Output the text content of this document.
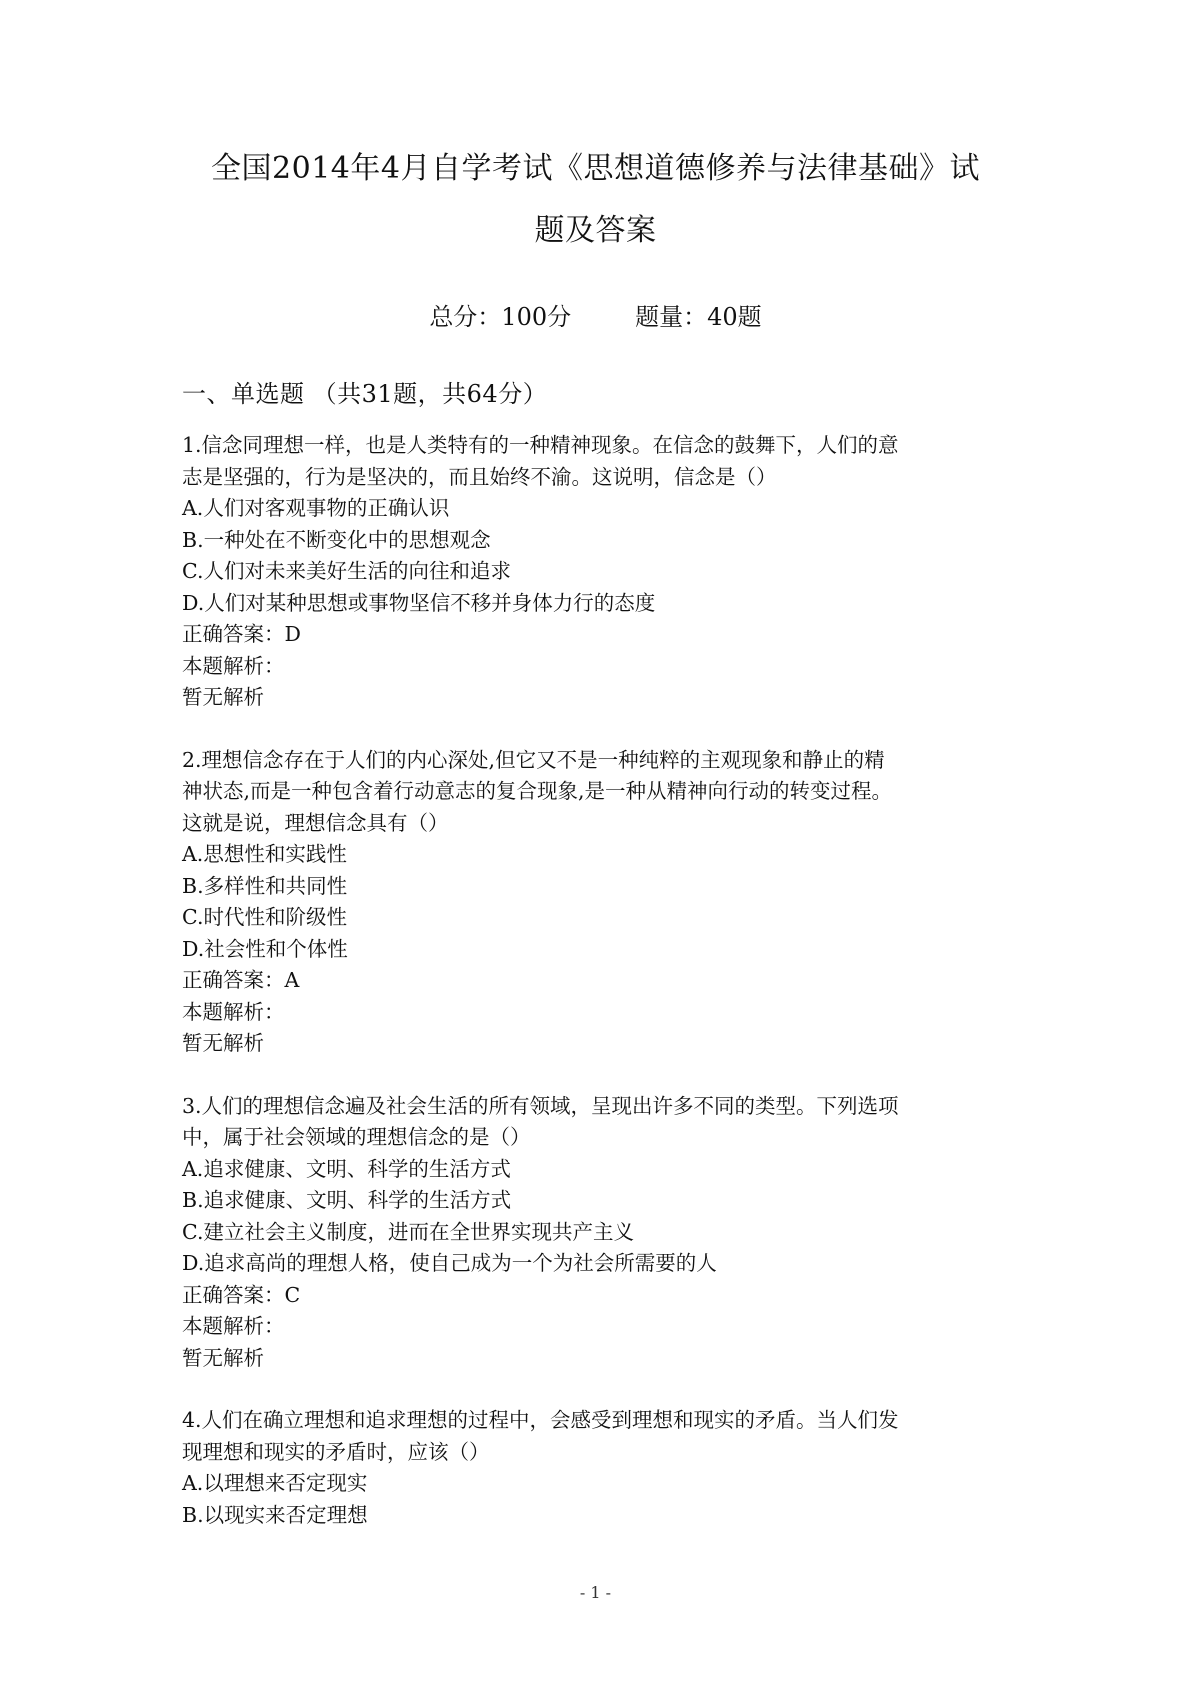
全国2014年4月自学考试《思想道德修养与法律基础》试
题及答案
总分：100分	题量：40题
一、单选题 （共31题，共64分）
1.信念同理想一样，也是人类特有的一种精神现象。在信念的鼓舞下，人们的意
志是坚强的，行为是坚决的，而且始终不渝。这说明，信念是（）
A.人们对客观事物的正确认识
B.一种处在不断变化中的思想观念
C.人们对未来美好生活的向往和追求
D.人们对某种思想或事物坚信不移并身体力行的态度
正确答案：D
本题解析：
暂无解析
2.理想信念存在于人们的内心深处,但它又不是一种纯粹的主观现象和静止的精
神状态,而是一种包含着行动意志的复合现象,是一种从精神向行动的转变过程。
这就是说，理想信念具有（）
A.思想性和实践性
B.多样性和共同性
C.时代性和阶级性
D.社会性和个体性
正确答案：A
本题解析：
暂无解析
3.人们的理想信念遍及社会生活的所有领域，呈现出许多不同的类型。下列选项
中，属于社会领域的理想信念的是（）
A.追求健康、文明、科学的生活方式
B.追求健康、文明、科学的生活方式
C.建立社会主义制度，进而在全世界实现共产主义
D.追求高尚的理想人格，使自己成为一个为社会所需要的人
正确答案：C
本题解析：
暂无解析
4.人们在确立理想和追求理想的过程中，会感受到理想和现实的矛盾。当人们发
现理想和现实的矛盾时，应该（）
A.以理想来否定现实
B.以现实来否定理想
- 1 -
